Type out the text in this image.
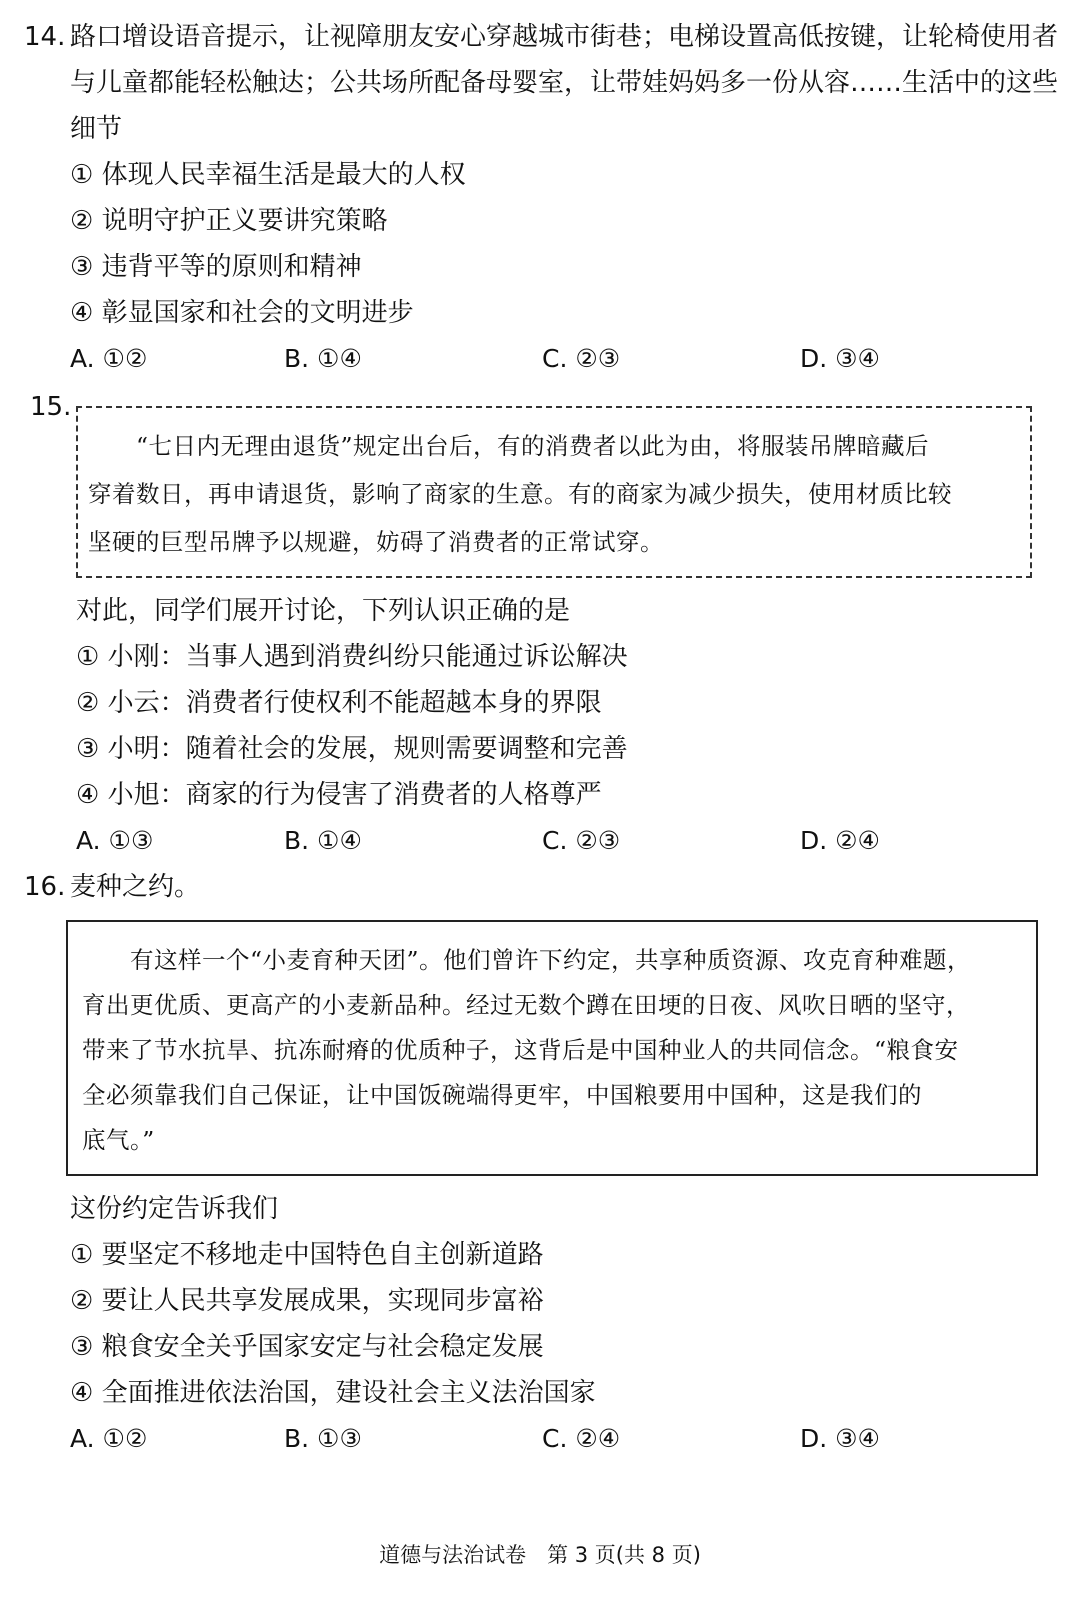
14. 路口增设语音提示，让视障朋友安心穿越城市街巷；电梯设置高低按键，让轮椅使用者
与儿童都能轻松触达；公共场所配备母婴室，让带娃妈妈多一份从容……生活中的这些
细节
① 体现人民幸福生活是最大的人权
② 说明守护正义要讲究策略
③ 违背平等的原则和精神
④ 彰显国家和社会的文明进步
A. ①②	B. ①④	C. ②③	D. ③④
15.
　　“七日内无理由退货”规定出台后，有的消费者以此为由，将服装吊牌暗藏后
穿着数日，再申请退货，影响了商家的生意。有的商家为减少损失，使用材质比较
坚硬的巨型吊牌予以规避，妨碍了消费者的正常试穿。
对此，同学们展开讨论，下列认识正确的是
① 小刚：当事人遇到消费纠纷只能通过诉讼解决
② 小云：消费者行使权利不能超越本身的界限
③ 小明：随着社会的发展，规则需要调整和完善
④ 小旭：商家的行为侵害了消费者的人格尊严
A. ①③	B. ①④	C. ②③	D. ②④
16. 麦种之约。
　　有这样一个“小麦育种天团”。他们曾许下约定，共享种质资源、攻克育种难题，
育出更优质、更高产的小麦新品种。经过无数个蹲在田埂的日夜、风吹日晒的坚守，
带来了节水抗旱、抗冻耐瘠的优质种子，这背后是中国种业人的共同信念。“粮食安
全必须靠我们自己保证，让中国饭碗端得更牢，中国粮要用中国种，这是我们的
底气。”
这份约定告诉我们
① 要坚定不移地走中国特色自主创新道路
② 要让人民共享发展成果，实现同步富裕
③ 粮食安全关乎国家安定与社会稳定发展
④ 全面推进依法治国，建设社会主义法治国家
A. ①②	B. ①③	C. ②④	D. ③④
道德与法治试卷　第 3 页(共 8 页)
